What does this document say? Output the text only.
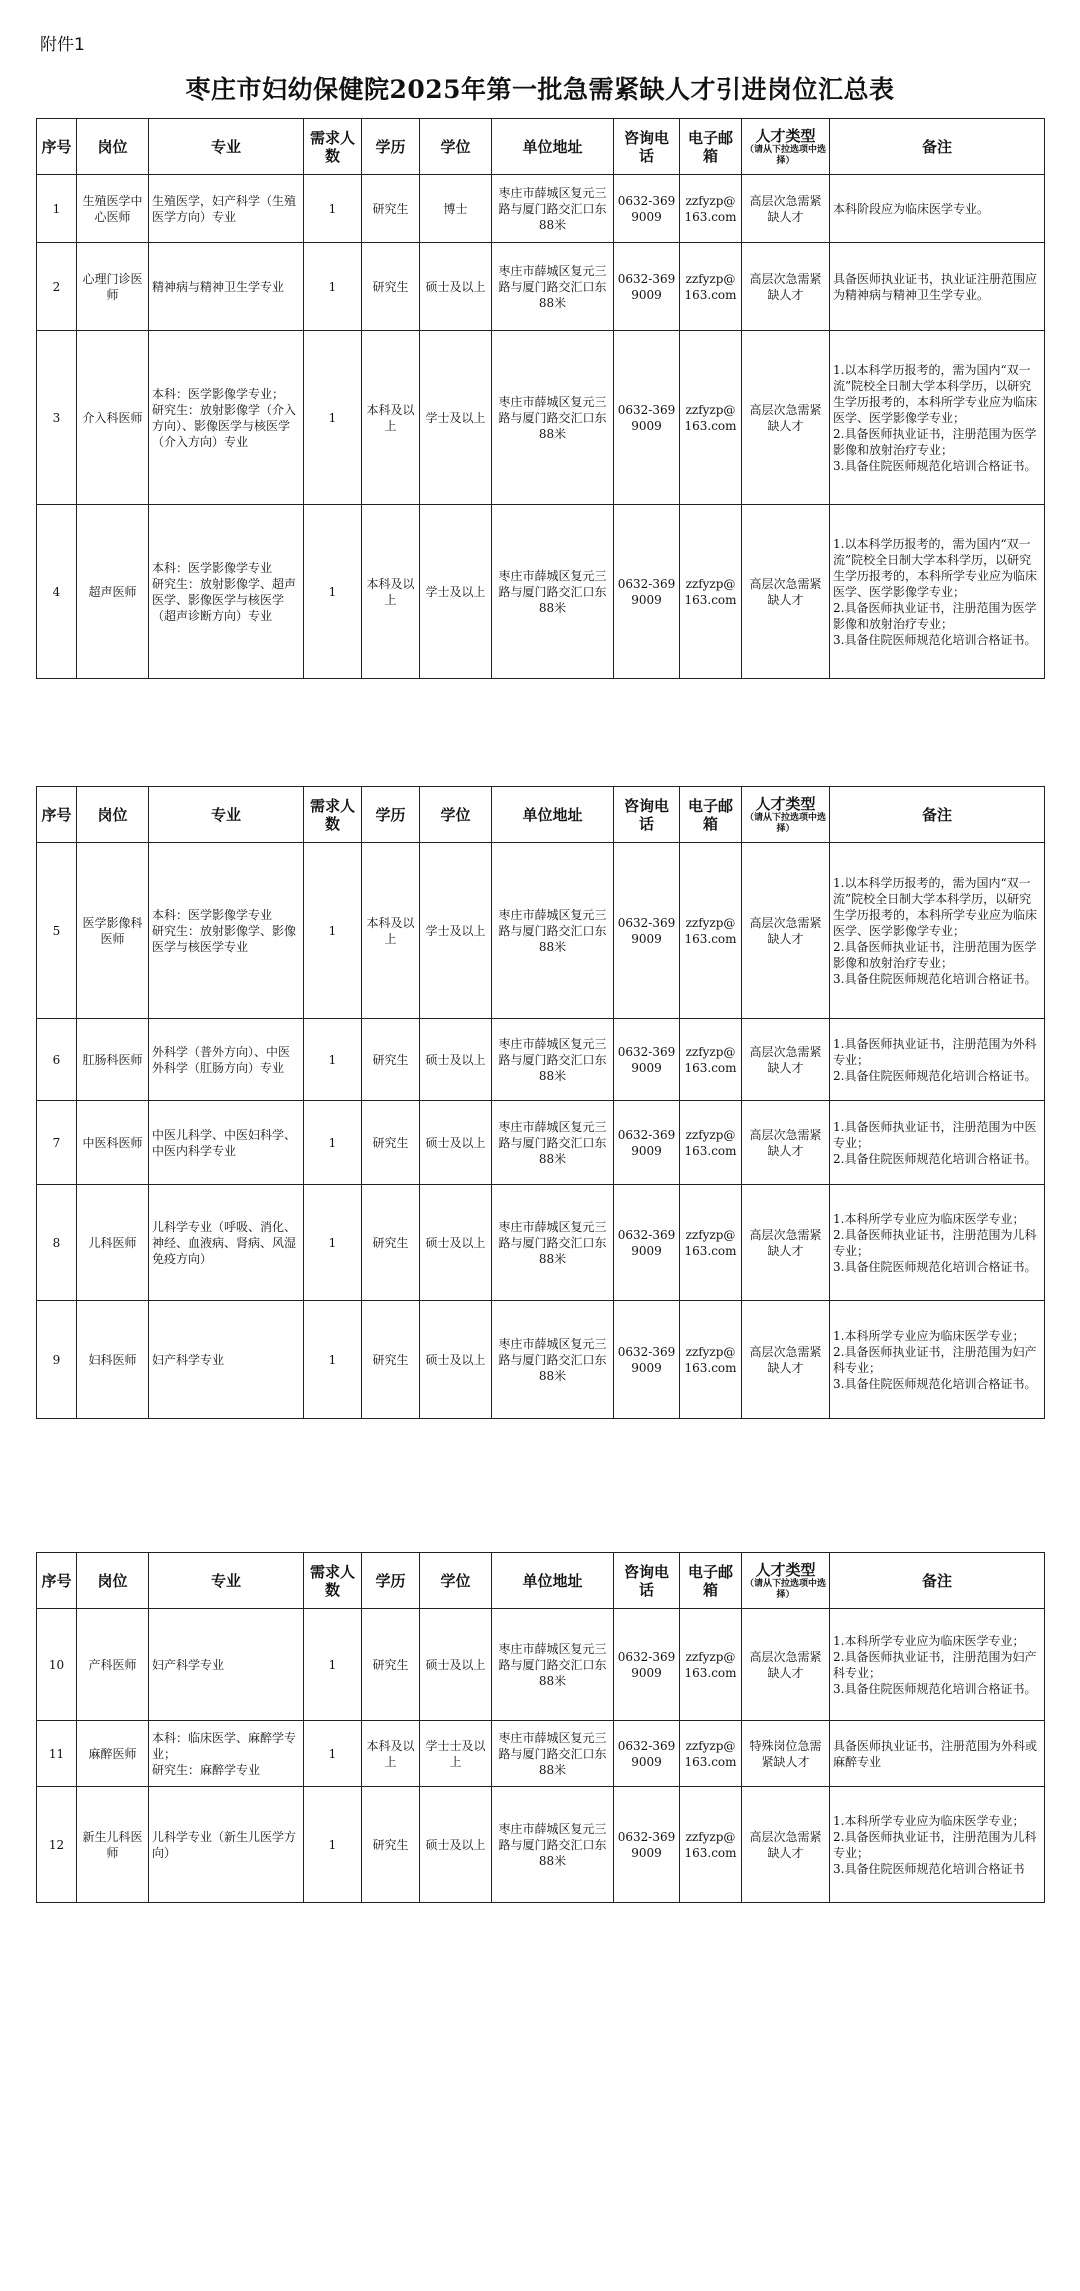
附件1
枣庄市妇幼保健院2025年第一批急需紧缺人才引进岗位汇总表
序号	岗位	专业	需求人数	学历	学位	单位地址	咨询电话	电子邮箱	人才类型
（请从下拉选项中选择）	备注
1	生殖医学中心医师	生殖医学，妇产科学（生殖医学方向）专业	1	研究生	博士	枣庄市薛城区复元三路与厦门路交汇口东88米	0632-3699009	zzfyzp@163.com	高层次急需紧缺人才	本科阶段应为临床医学专业。
2	心理门诊医师	精神病与精神卫生学专业	1	研究生	硕士及以上	枣庄市薛城区复元三路与厦门路交汇口东88米	0632-3699009	zzfyzp@163.com	高层次急需紧缺人才	具备医师执业证书，执业证注册范围应为精神病与精神卫生学专业。
3	介入科医师	本科：医学影像学专业；
研究生：放射影像学（介入方向）、影像医学与核医学（介入方向）专业	1	本科及以上	学士及以上	枣庄市薛城区复元三路与厦门路交汇口东88米	0632-3699009	zzfyzp@163.com	高层次急需紧缺人才	1.以本科学历报考的，需为国内“双一流”院校全日制大学本科学历，以研究生学历报考的，本科所学专业应为临床医学、医学影像学专业；
2.具备医师执业证书，注册范围为医学影像和放射治疗专业；
3.具备住院医师规范化培训合格证书。
4	超声医师	本科：医学影像学专业
研究生：放射影像学、超声医学、影像医学与核医学（超声诊断方向）专业	1	本科及以上	学士及以上	枣庄市薛城区复元三路与厦门路交汇口东88米	0632-3699009	zzfyzp@163.com	高层次急需紧缺人才	1.以本科学历报考的，需为国内“双一流”院校全日制大学本科学历，以研究生学历报考的，本科所学专业应为临床医学、医学影像学专业；
2.具备医师执业证书，注册范围为医学影像和放射治疗专业；
3.具备住院医师规范化培训合格证书。
序号	岗位	专业	需求人数	学历	学位	单位地址	咨询电话	电子邮箱	人才类型
（请从下拉选项中选择）	备注
5	医学影像科医师	本科：医学影像学专业
研究生：放射影像学、影像医学与核医学专业	1	本科及以上	学士及以上	枣庄市薛城区复元三路与厦门路交汇口东88米	0632-3699009	zzfyzp@163.com	高层次急需紧缺人才	1.以本科学历报考的，需为国内“双一流”院校全日制大学本科学历，以研究生学历报考的，本科所学专业应为临床医学、医学影像学专业；
2.具备医师执业证书，注册范围为医学影像和放射治疗专业；
3.具备住院医师规范化培训合格证书。
6	肛肠科医师	外科学（普外方向）、中医外科学（肛肠方向）专业	1	研究生	硕士及以上	枣庄市薛城区复元三路与厦门路交汇口东88米	0632-3699009	zzfyzp@163.com	高层次急需紧缺人才	1.具备医师执业证书，注册范围为外科专业；
2.具备住院医师规范化培训合格证书。
7	中医科医师	中医儿科学、中医妇科学、中医内科学专业	1	研究生	硕士及以上	枣庄市薛城区复元三路与厦门路交汇口东88米	0632-3699009	zzfyzp@163.com	高层次急需紧缺人才	1.具备医师执业证书，注册范围为中医专业；
2.具备住院医师规范化培训合格证书。
8	儿科医师	儿科学专业（呼吸、消化、神经、血液病、肾病、风湿免疫方向）	1	研究生	硕士及以上	枣庄市薛城区复元三路与厦门路交汇口东88米	0632-3699009	zzfyzp@163.com	高层次急需紧缺人才	1.本科所学专业应为临床医学专业；
2.具备医师执业证书，注册范围为儿科专业；
3.具备住院医师规范化培训合格证书。
9	妇科医师	妇产科学专业	1	研究生	硕士及以上	枣庄市薛城区复元三路与厦门路交汇口东88米	0632-3699009	zzfyzp@163.com	高层次急需紧缺人才	1.本科所学专业应为临床医学专业；
2.具备医师执业证书，注册范围为妇产科专业；
3.具备住院医师规范化培训合格证书。
序号	岗位	专业	需求人数	学历	学位	单位地址	咨询电话	电子邮箱	人才类型
（请从下拉选项中选择）	备注
10	产科医师	妇产科学专业	1	研究生	硕士及以上	枣庄市薛城区复元三路与厦门路交汇口东88米	0632-3699009	zzfyzp@163.com	高层次急需紧缺人才	1.本科所学专业应为临床医学专业；
2.具备医师执业证书，注册范围为妇产科专业；
3.具备住院医师规范化培训合格证书。
11	麻醉医师	本科：临床医学、麻醉学专业；
研究生：麻醉学专业	1	本科及以上	学士士及以上	枣庄市薛城区复元三路与厦门路交汇口东88米	0632-3699009	zzfyzp@163.com	特殊岗位急需紧缺人才	具备医师执业证书，注册范围为外科或麻醉专业
12	新生儿科医师	儿科学专业（新生儿医学方向）	1	研究生	硕士及以上	枣庄市薛城区复元三路与厦门路交汇口东88米	0632-3699009	zzfyzp@163.com	高层次急需紧缺人才	1.本科所学专业应为临床医学专业；
2.具备医师执业证书，注册范围为儿科专业；
3.具备住院医师规范化培训合格证书
